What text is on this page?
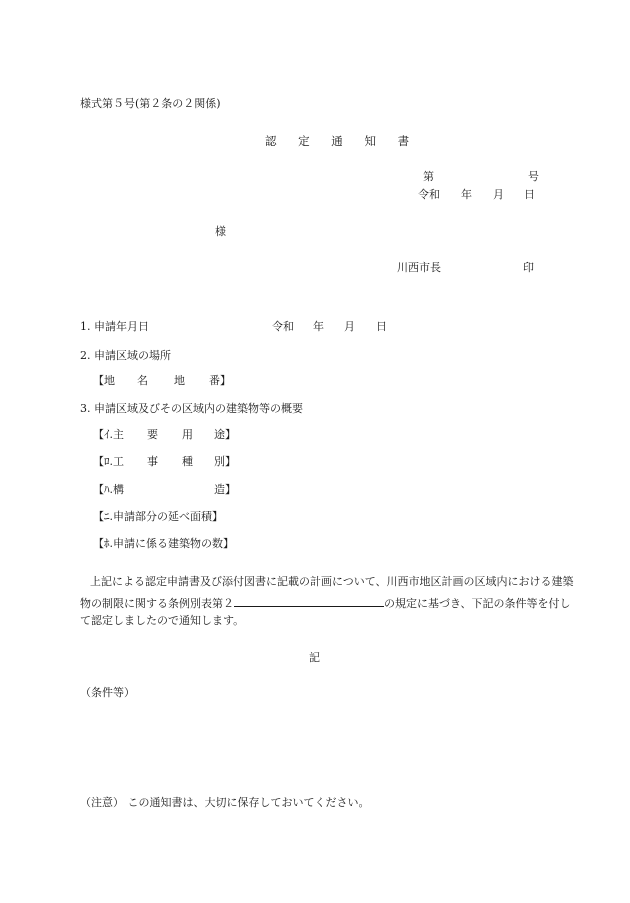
様式第５号(第２条の２関係)
認 定 通 知 書
第	号
令和 年 月 日
様
川西市長	印
1. 申請年月日	令和 年 月 日
2. 申請区域の場所
【地 名 地 番】
3. 申請区域及びその区域内の建築物等の概要
【ｲ.主 要 用 途】
【ﾛ.工 事 種 別】
【ﾊ.構	造】
【ﾆ.申請部分の延べ面積】
【ﾎ.申請に係る建築物の数】
上記による認定申請書及び添付図書に記載の計画について、川西市地区計画の区域内における建築
物の制限に関する条例別表第２	の規定に基づき、下記の条件等を付し
て認定しましたので通知します。
記
（条件等）
（注意） この通知書は、大切に保存しておいてください。
